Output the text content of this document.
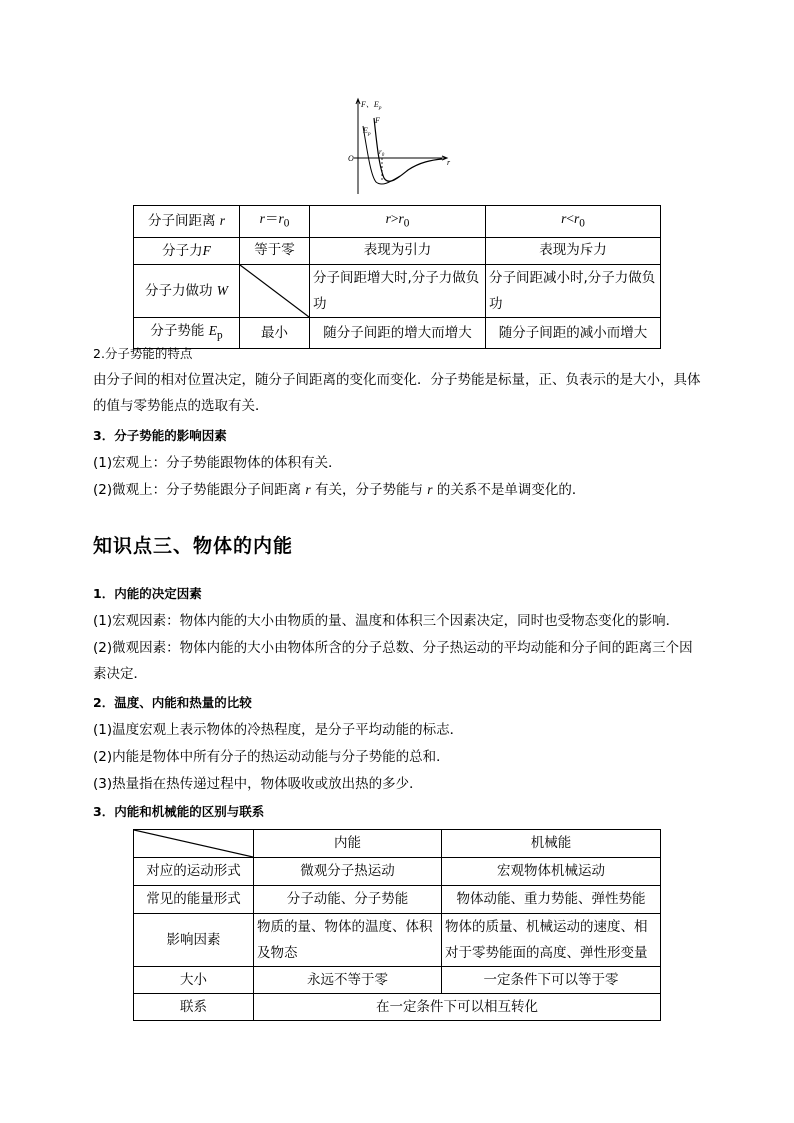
F、$E_p$
r
O
F
$E_p$
$r_0$
分子间距离 r	$r=r_0$	$r>r_0$	$r<r_0$
分子力F	等于零	表现为引力	表现为斥力
分子力做功 W		分子间距增大时,分子力做负功	分子间距减小时,分子力做负功
分子势能 $E_p$	最小	随分子间距的增大而增大	随分子间距的减小而增大
2.分子势能的特点
由分子间的相对位置决定，随分子间距离的变化而变化．分子势能是标量，正、负表示的是大小，具体的值与零势能点的选取有关．
3．分子势能的影响因素
(1)宏观上：分子势能跟物体的体积有关．
(2)微观上：分子势能跟分子间距离 r 有关，分子势能与 r 的关系不是单调变化的．
知识点三、物体的内能
1．内能的决定因素
(1)宏观因素：物体内能的大小由物质的量、温度和体积三个因素决定，同时也受物态变化的影响．
(2)微观因素：物体内能的大小由物体所含的分子总数、分子热运动的平均动能和分子间的距离三个因素决定．
2．温度、内能和热量的比较
(1)温度宏观上表示物体的冷热程度，是分子平均动能的标志．
(2)内能是物体中所有分子的热运动动能与分子势能的总和．
(3)热量指在热传递过程中，物体吸收或放出热的多少．
3．内能和机械能的区别与联系
	内能	机械能
对应的运动形式	微观分子热运动	宏观物体机械运动
常见的能量形式	分子动能、分子势能	物体动能、重力势能、弹性势能
影响因素	物质的量、物体的温度、体积及物态	物体的质量、机械运动的速度、相对于零势能面的高度、弹性形变量
大小	永远不等于零	一定条件下可以等于零
联系	在一定条件下可以相互转化	
